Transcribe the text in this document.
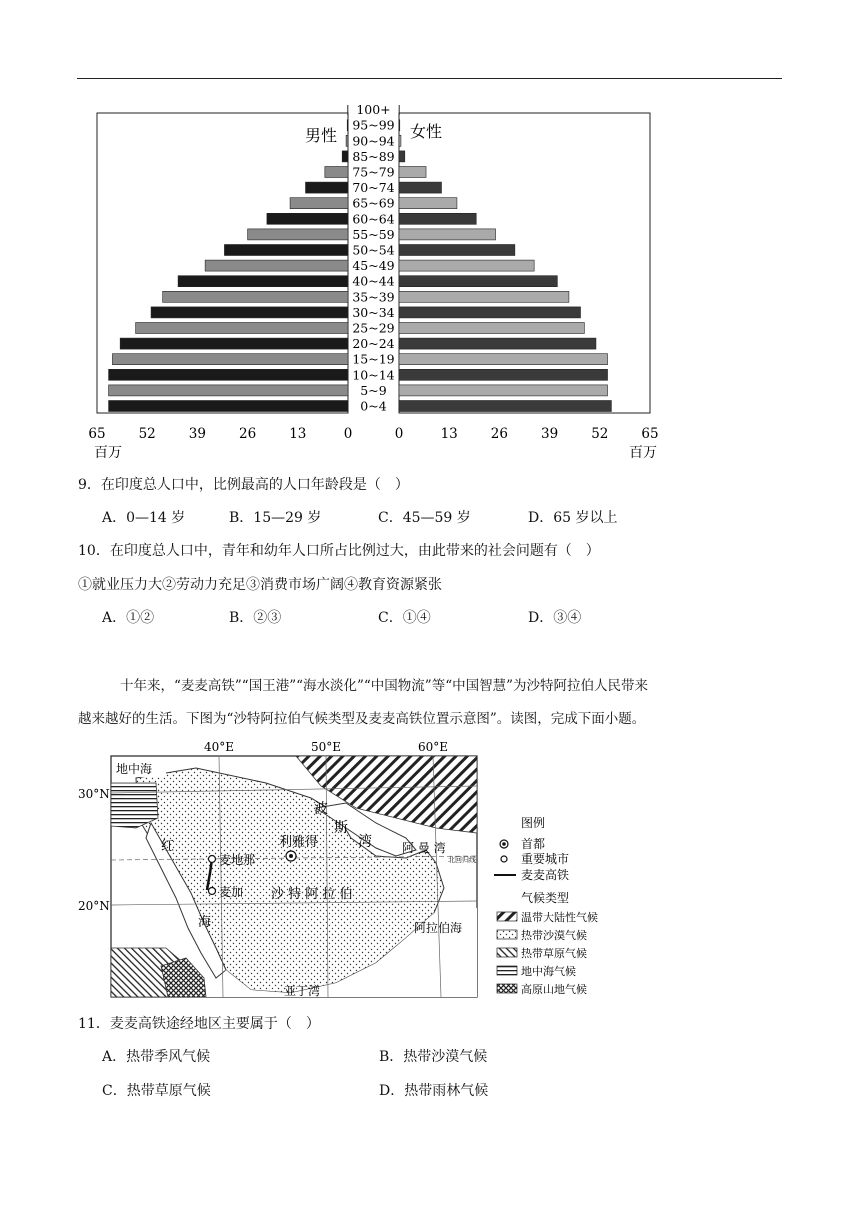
男性	女性
0~4
5~9
10~14
15~19
20~24
25~29
30~34
35~39
40~44
45~49
50~54
55~59
60~64
65~69
70~74
75~79
85~89
90~94
95~99
100+
65 52 39 26 13	0	0	13 26 39 52 65
百万	百万
9．在印度总人口中，比例最高的人口年龄段是（　）
A．0—14 岁	B．15—29 岁	C．45—59 岁	D．65 岁以上
10．在印度总人口中，青年和幼年人口所占比例过大，由此带来的社会问题有（　）
①就业压力大②劳动力充足③消费市场广阔④教育资源紧张
A．①②	B．②③	C．①④	D．③④
十年来，“麦麦高铁”“国王港”“海水淡化”“中国物流”等“中国智慧”为沙特阿拉伯人民带来
越来越好的生活。下图为“沙特阿拉伯气候类型及麦麦高铁位置示意图”。读图，完成下面小题。
40°E	50°E	60°E
30°N
20°N
地中海
波
斯
湾
利雅得
红
海
麦地那
麦加 沙 特 阿 拉 伯
阿 曼 湾
北回归线
阿拉伯海
亚丁湾
图例
首都
重要城市
麦麦高铁
气候类型
温带大陆性气候
热带沙漠气候
热带草原气候
地中海气候
高原山地气候
11．麦麦高铁途经地区主要属于（　）
A．热带季风气候	B．热带沙漠气候
C．热带草原气候	D．热带雨林气候
